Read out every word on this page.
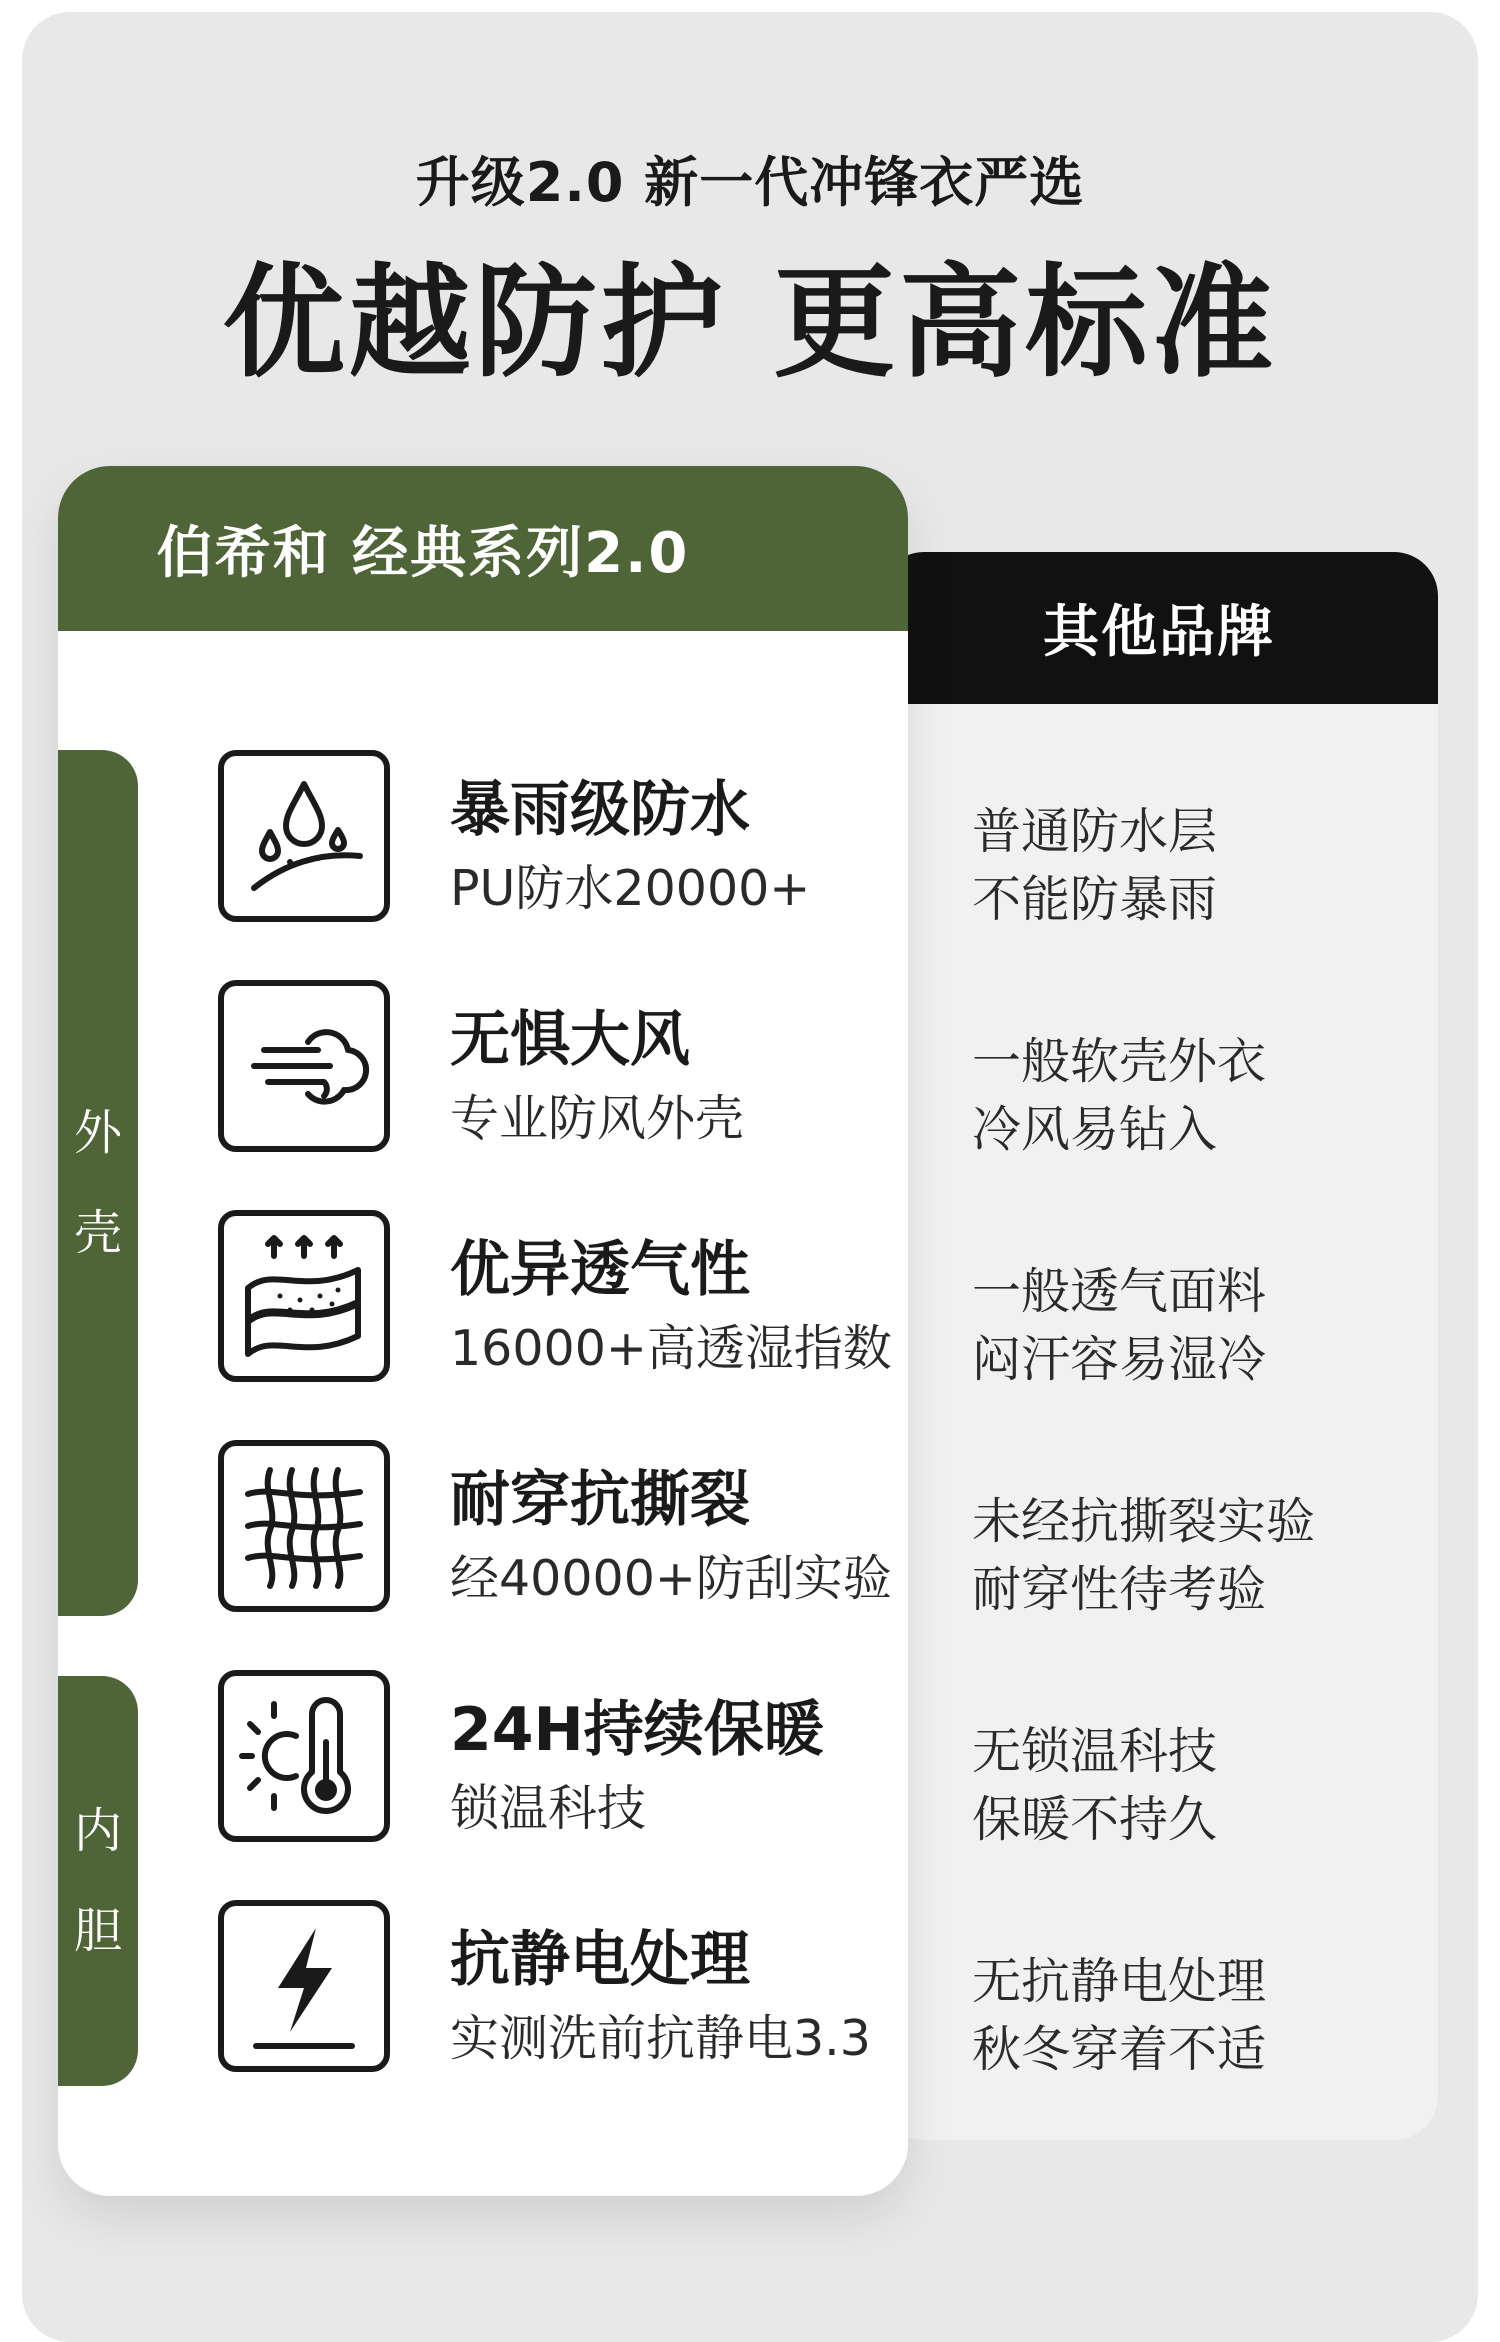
升级2.0 新一代冲锋衣严选
优越防护 更高标准
其他品牌
普通防水层
不能防暴雨
一般软壳外衣
冷风易钻入
一般透气面料
闷汗容易湿冷
未经抗撕裂实验
耐穿性待考验
无锁温科技
保暖不持久
无抗静电处理
秋冬穿着不适
伯希和 经典系列2.0
外
壳
内
胆
暴雨级防水
PU防水20000+
无惧大风
专业防风外壳
优异透气性
16000+高透湿指数
耐穿抗撕裂
经40000+防刮实验
24H持续保暖
锁温科技
抗静电处理
实测洗前抗静电3.3
